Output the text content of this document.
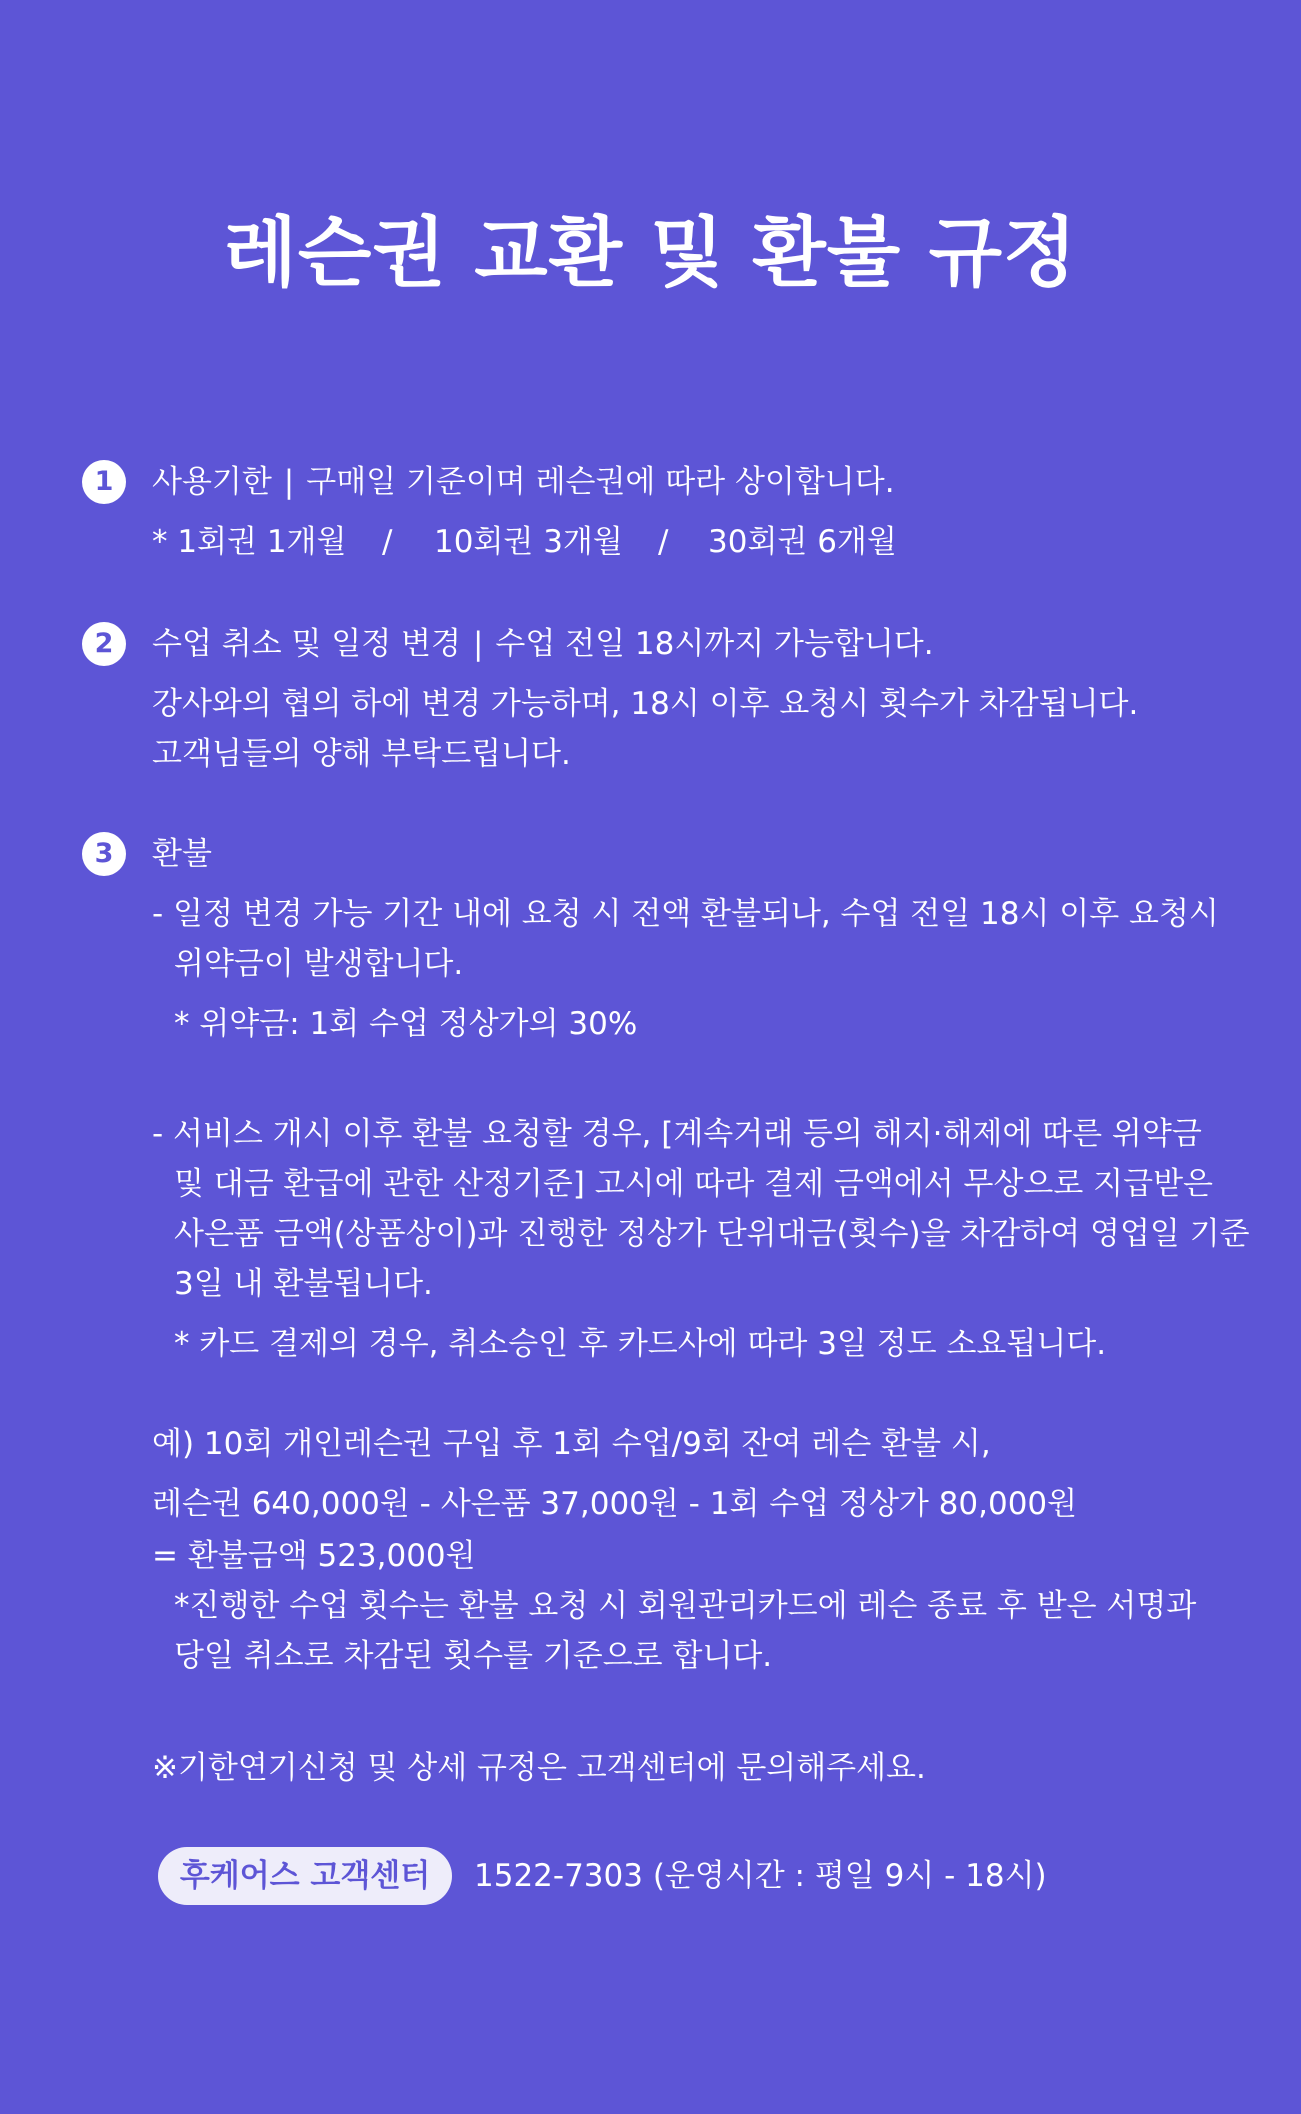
레슨권 교환 및 환불 규정
1	사용기한 | 구매일 기준이며 레슨권에 따라 상이합니다.
* 1회권 1개월 / 10회권 3개월 / 30회권 6개월
2	수업 취소 및 일정 변경 | 수업 전일 18시까지 가능합니다.
강사와의 협의 하에 변경 가능하며, 18시 이후 요청시 횟수가 차감됩니다.
고객님들의 양해 부탁드립니다.
3	환불
- 일정 변경 가능 기간 내에 요청 시 전액 환불되나, 수업 전일 18시 이후 요청시
위약금이 발생합니다.
* 위약금: 1회 수업 정상가의 30%
- 서비스 개시 이후 환불 요청할 경우, [계속거래 등의 해지·해제에 따른 위약금
및 대금 환급에 관한 산정기준] 고시에 따라 결제 금액에서 무상으로 지급받은
사은품 금액(상품상이)과 진행한 정상가 단위대금(횟수)을 차감하여 영업일 기준
3일 내 환불됩니다.
* 카드 결제의 경우, 취소승인 후 카드사에 따라 3일 정도 소요됩니다.
예) 10회 개인레슨권 구입 후 1회 수업/9회 잔여 레슨 환불 시,
레슨권 640,000원 - 사은품 37,000원 - 1회 수업 정상가 80,000원
= 환불금액 523,000원
*진행한 수업 횟수는 환불 요청 시 회원관리카드에 레슨 종료 후 받은 서명과
당일 취소로 차감된 횟수를 기준으로 합니다.
※기한연기신청 및 상세 규정은 고객센터에 문의해주세요.
후케어스 고객센터	1522-7303 (운영시간 : 평일 9시 - 18시)
